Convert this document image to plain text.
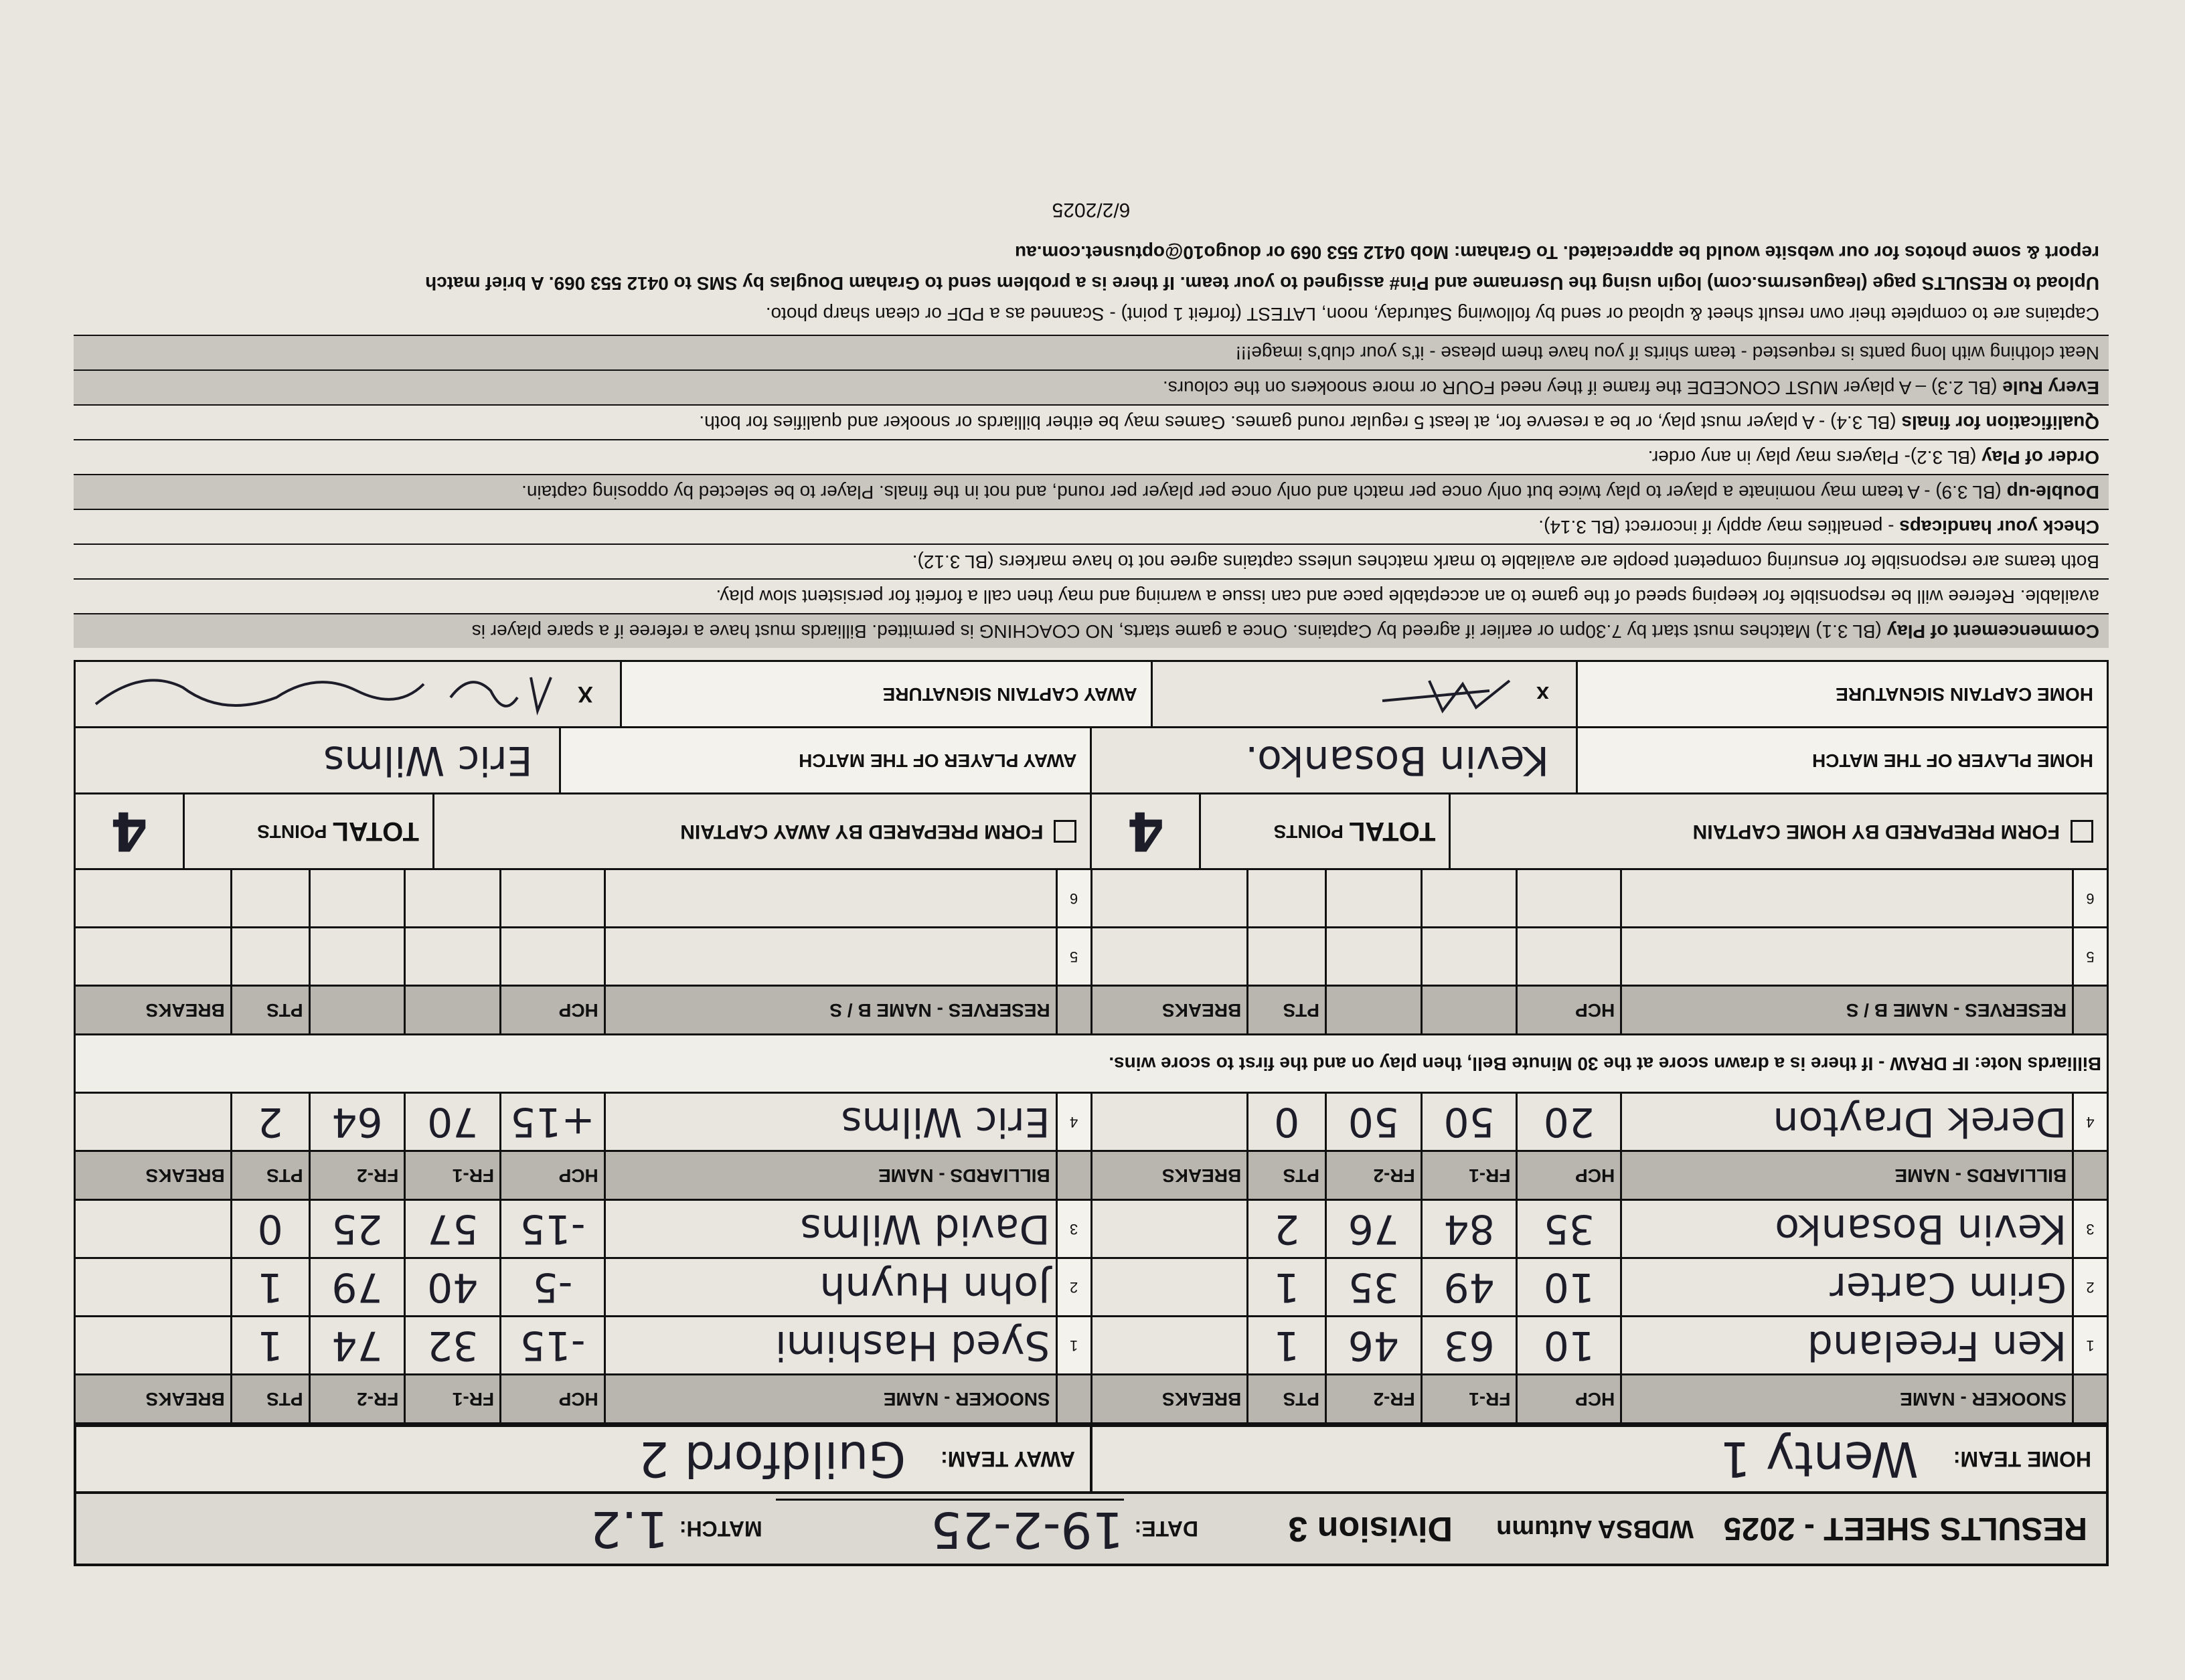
RESULTS SHEET - 2025
WDBSA Autumn
Division 3
DATE:
19-2-25
MATCH:
1.2
HOME TEAM:
Wenty 1
AWAY TEAM:
Guildford 2
	SNOOKER - NAME	HCP	FR-1	FR-2	PTS	BREAKS		SNOOKER - NAME	HCP	FR-1	FR-2	PTS	BREAKS
1	Ken Freeland	10	63	46	1		1	Syed Hashimi	-15	32	74	1	
2	Grim Carter	10	49	35	1		2	John Huynh	-5	40	79	1	
3	Kevin Bosanko	35	84	76	2		3	David Wilms	-15	57	25	0	
	BILLIARDS - NAME	HCP	FR-1	FR-2	PTS	BREAKS		BILLIARDS - NAME	HCP	FR-1	FR-2	PTS	BREAKS
4	Derek Drayton	20	50	50	0		4	Eric Wilms	+15	70	64	2	
Billiards Note: IF DRAW - If there is a drawn score at the 30 Minute Bell, then play on and the first to score wins.													
	RESERVES - NAME B / S	HCP			PTS	BREAKS		RESERVES - NAME B / S	HCP			PTS	BREAKS
5							5						
6							6						
FORM PREPARED BY HOME CAPTAIN
TOTAL
POINTS
4
FORM PREPARED BY AWAY CAPTAIN
TOTAL
POINTS
4
HOME PLAYER OF THE MATCH
Kevin Bosanko.
AWAY PLAYER OF THE MATCH
Eric Wilms
HOME CAPTAIN SIGNATURE
x
AWAY CAPTAIN SIGNATURE
X

Commencement of Play (BL 3.1) Matches must start by 7.30pm or earlier if agreed by Captains. Once a game starts, NO COACHING is permitted. Billiards must have a referee if a spare player is

available. Referee will be responsible for keeping speed of the game to an acceptable pace and can issue a warning and may then call a forfeit for persistent slow play.

Both teams are responsible for ensuring competent people are available to mark matches unless captains agree not to have markers (BL 3.12).

Check your handicaps - penalties may apply if incorrect (BL 3.14).

Double-up (BL 3.9) - A team may nominate a player to play twice but only once per match and only once per player per round, and not in the finals. Player to be selected by opposing captain.

Order of Play (BL 3.2)- Players may play in any order.

Qualification for finals (BL 3.4) - A player must play, or be a reserve for, at least 5 regular round games. Games may be either billiards or snooker and qualifies for both.

Every Rule (BL 2.3) – A player MUST CONCEDE the frame if they need FOUR or more snookers on the colours.

Neat clothing with long pants is requested - team shirts if you have them please - it's your club's image!!!

Captains are to complete their own result sheet & upload or send by following Saturday, noon, LATEST (forfeit 1 point) - Scanned as a PDF or clean sharp photo.

Upload to RESULTS page (leaguesrms.com) login using the Username and Pin# assigned to your team. If there is a problem send to Graham Douglas by SMS to 0412 553 069. A brief match

report & some photos for our website would be appreciated. To Graham: Mob 0412 553 069 or dougo10@optusnet.com.au

6/2/2025
